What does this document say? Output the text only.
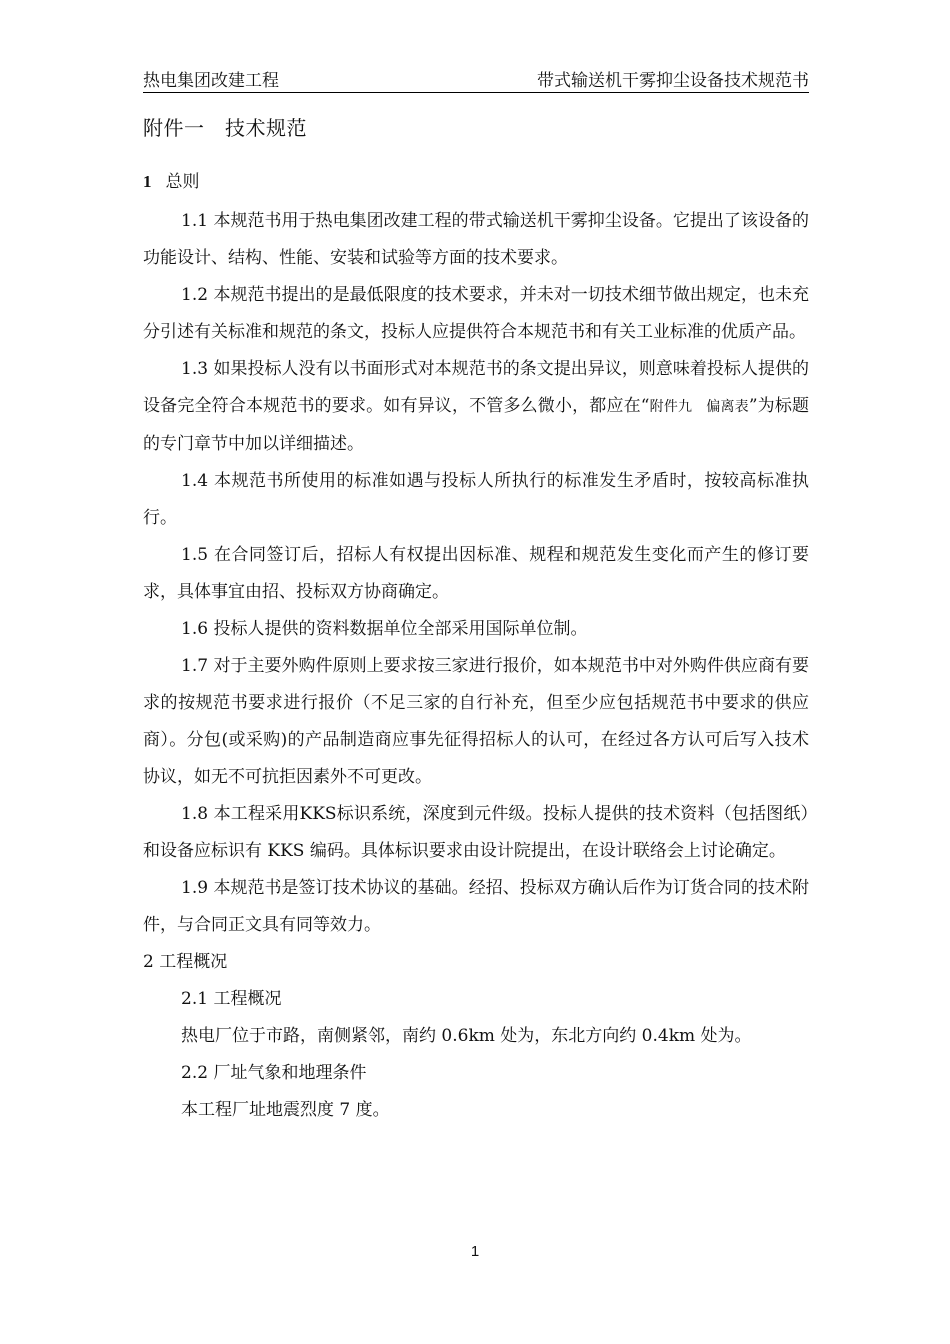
热电集团改建工程	带式输送机干雾抑尘设备技术规范书
附件一　技术规范
1 总则

1.1 本规范书用于热电集团改建工程的带式输送机干雾抑尘设备。它提出了该设备的功能设计、结构、性能、安装和试验等方面的技术要求。

1.2 本规范书提出的是最低限度的技术要求，并未对一切技术细节做出规定，也未充分引述有关标准和规范的条文，投标人应提供符合本规范书和有关工业标准的优质产品。

1.3 如果投标人没有以书面形式对本规范书的条文提出异议，则意味着投标人提供的设备完全符合本规范书的要求。如有异议，不管多么微小，都应在“附件九　偏离表”为标题的专门章节中加以详细描述。

1.4 本规范书所使用的标准如遇与投标人所执行的标准发生矛盾时，按较高标准执行。

1.5 在合同签订后，招标人有权提出因标准、规程和规范发生变化而产生的修订要求，具体事宜由招、投标双方协商确定。

1.6 投标人提供的资料数据单位全部采用国际单位制。

1.7 对于主要外购件原则上要求按三家进行报价，如本规范书中对外购件供应商有要求的按规范书要求进行报价（不足三家的自行补充，但至少应包括规范书中要求的供应商）。分包(或采购)的产品制造商应事先征得招标人的认可，在经过各方认可后写入技术协议，如无不可抗拒因素外不可更改。

1.8 本工程采用KKS标识系统，深度到元件级。投标人提供的技术资料（包括图纸）和设备应标识有 KKS 编码。具体标识要求由设计院提出，在设计联络会上讨论确定。

1.9 本规范书是签订技术协议的基础。经招、投标双方确认后作为订货合同的技术附件，与合同正文具有同等效力。

2 工程概况

2.1 工程概况

热电厂位于市路，南侧紧邻，南约 0.6km 处为，东北方向约 0.4km 处为。

2.2 厂址气象和地理条件

本工程厂址地震烈度 7 度。

1
